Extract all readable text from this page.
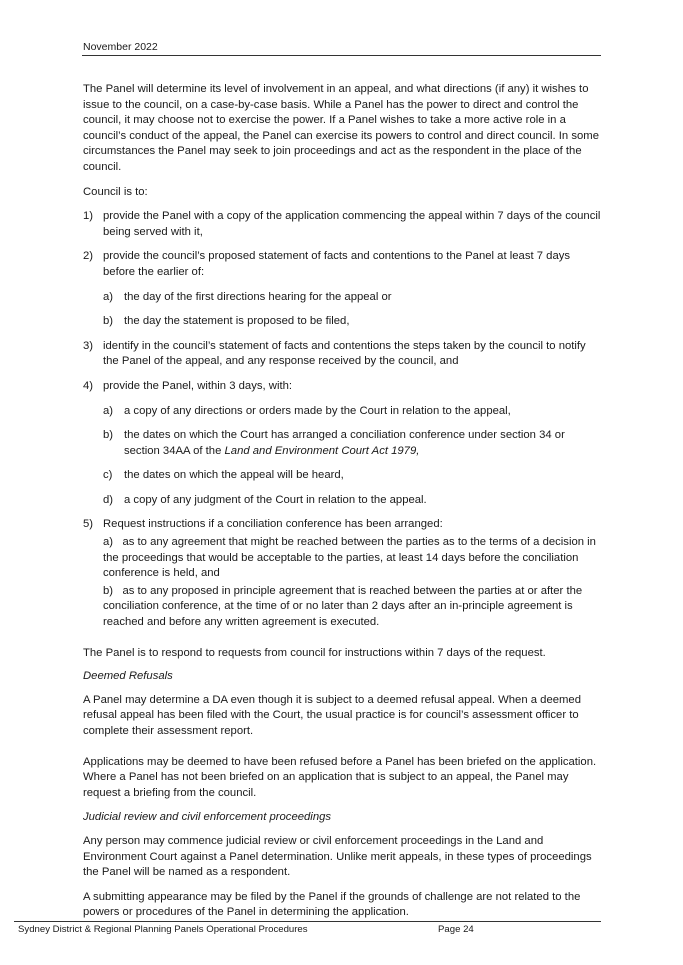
November 2022

The Panel will determine its level of involvement in an appeal, and what directions (if any) it wishes to issue to the council, on a case-by-case basis. While a Panel has the power to direct and control the council, it may choose not to exercise the power. If a Panel wishes to take a more active role in a council’s conduct of the appeal, the Panel can exercise its powers to control and direct council. In some circumstances the Panel may seek to join proceedings and act as the respondent in the place of the council.

Council is to:

1) provide the Panel with a copy of the application commencing the appeal within 7 days of the council being served with it,
2) provide the council’s proposed statement of facts and contentions to the Panel at least 7 days before the earlier of:
a) the day of the first directions hearing for the appeal or
b) the day the statement is proposed to be filed,
3) identify in the council’s statement of facts and contentions the steps taken by the council to notify the Panel of the appeal, and any response received by the council, and
4) provide the Panel, within 3 days, with:
a) a copy of any directions or orders made by the Court in relation to the appeal,
b) the dates on which the Court has arranged a conciliation conference under section 34 or section 34AA of the Land and Environment Court Act 1979,
c) the dates on which the appeal will be heard,
d) a copy of any judgment of the Court in relation to the appeal.
5) Request instructions if a conciliation conference has been arranged:

a) as to any agreement that might be reached between the parties as to the terms of a decision in the proceedings that would be acceptable to the parties, at least 14 days before the conciliation conference is held, and

b) as to any proposed in principle agreement that is reached between the parties at or after the conciliation conference, at the time of or no later than 2 days after an in-principle agreement is reached and before any written agreement is executed.

The Panel is to respond to requests from council for instructions within 7 days of the request.

Deemed Refusals

A Panel may determine a DA even though it is subject to a deemed refusal appeal. When a deemed refusal appeal has been filed with the Court, the usual practice is for council’s assessment officer to complete their assessment report.

Applications may be deemed to have been refused before a Panel has been briefed on the application. Where a Panel has not been briefed on an application that is subject to an appeal, the Panel may request a briefing from the council.

Judicial review and civil enforcement proceedings

Any person may commence judicial review or civil enforcement proceedings in the Land and Environment Court against a Panel determination. Unlike merit appeals, in these types of proceedings the Panel will be named as a respondent.

A submitting appearance may be filed by the Panel if the grounds of challenge are not related to the powers or procedures of the Panel in determining the application.

Sydney District & Regional Planning Panels Operational Procedures	Page 24
